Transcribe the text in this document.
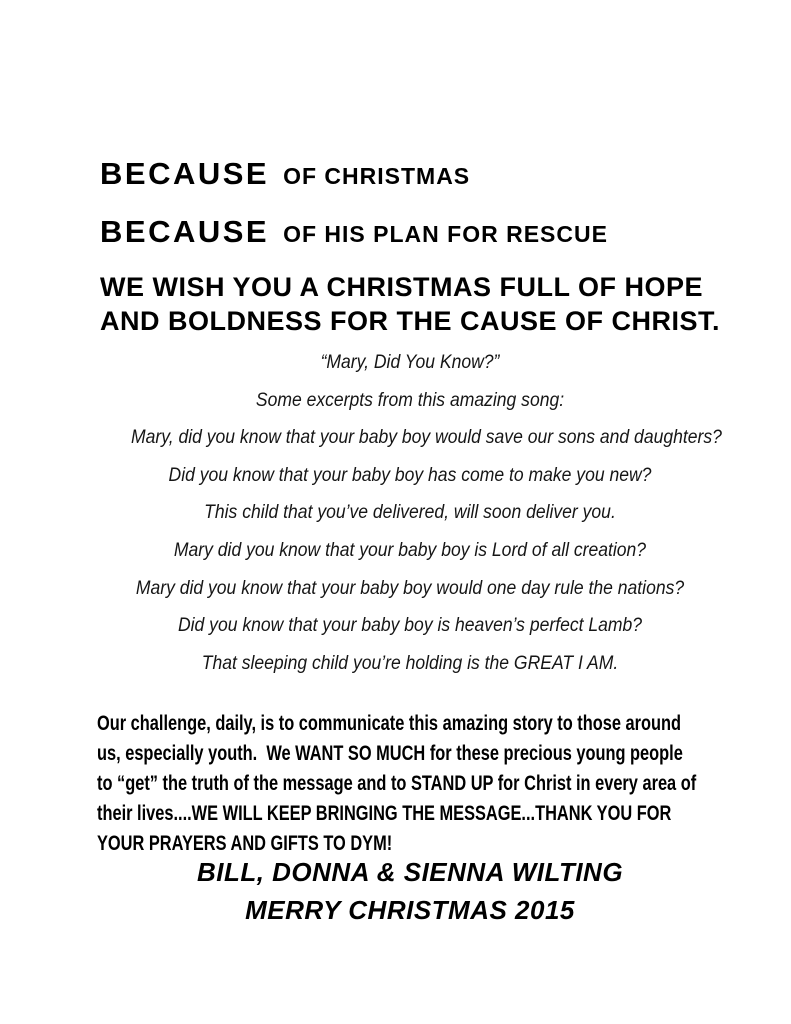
BECAUSE OF CHRISTMAS
BECAUSE OF HIS PLAN FOR RESCUE
WE WISH YOU A CHRISTMAS FULL OF HOPE
AND BOLDNESS FOR THE CAUSE OF CHRIST.
“Mary, Did You Know?”
Some excerpts from this amazing song:
Mary, did you know that your baby boy would save our sons and daughters?
Did you know that your baby boy has come to make you new?
This child that you’ve delivered, will soon deliver you.
Mary did you know that your baby boy is Lord of all creation?
Mary did you know that your baby boy would one day rule the nations?
Did you know that your baby boy is heaven’s perfect Lamb?
That sleeping child you’re holding is the GREAT I AM.
Our challenge, daily, is to communicate this amazing story to those around
us, especially youth.  We WANT SO MUCH for these precious young people
to “get” the truth of the message and to STAND UP for Christ in every area of
their lives....WE WILL KEEP BRINGING THE MESSAGE...THANK YOU FOR
YOUR PRAYERS AND GIFTS TO DYM!
BILL, DONNA & SIENNA WILTING
MERRY CHRISTMAS 2015
